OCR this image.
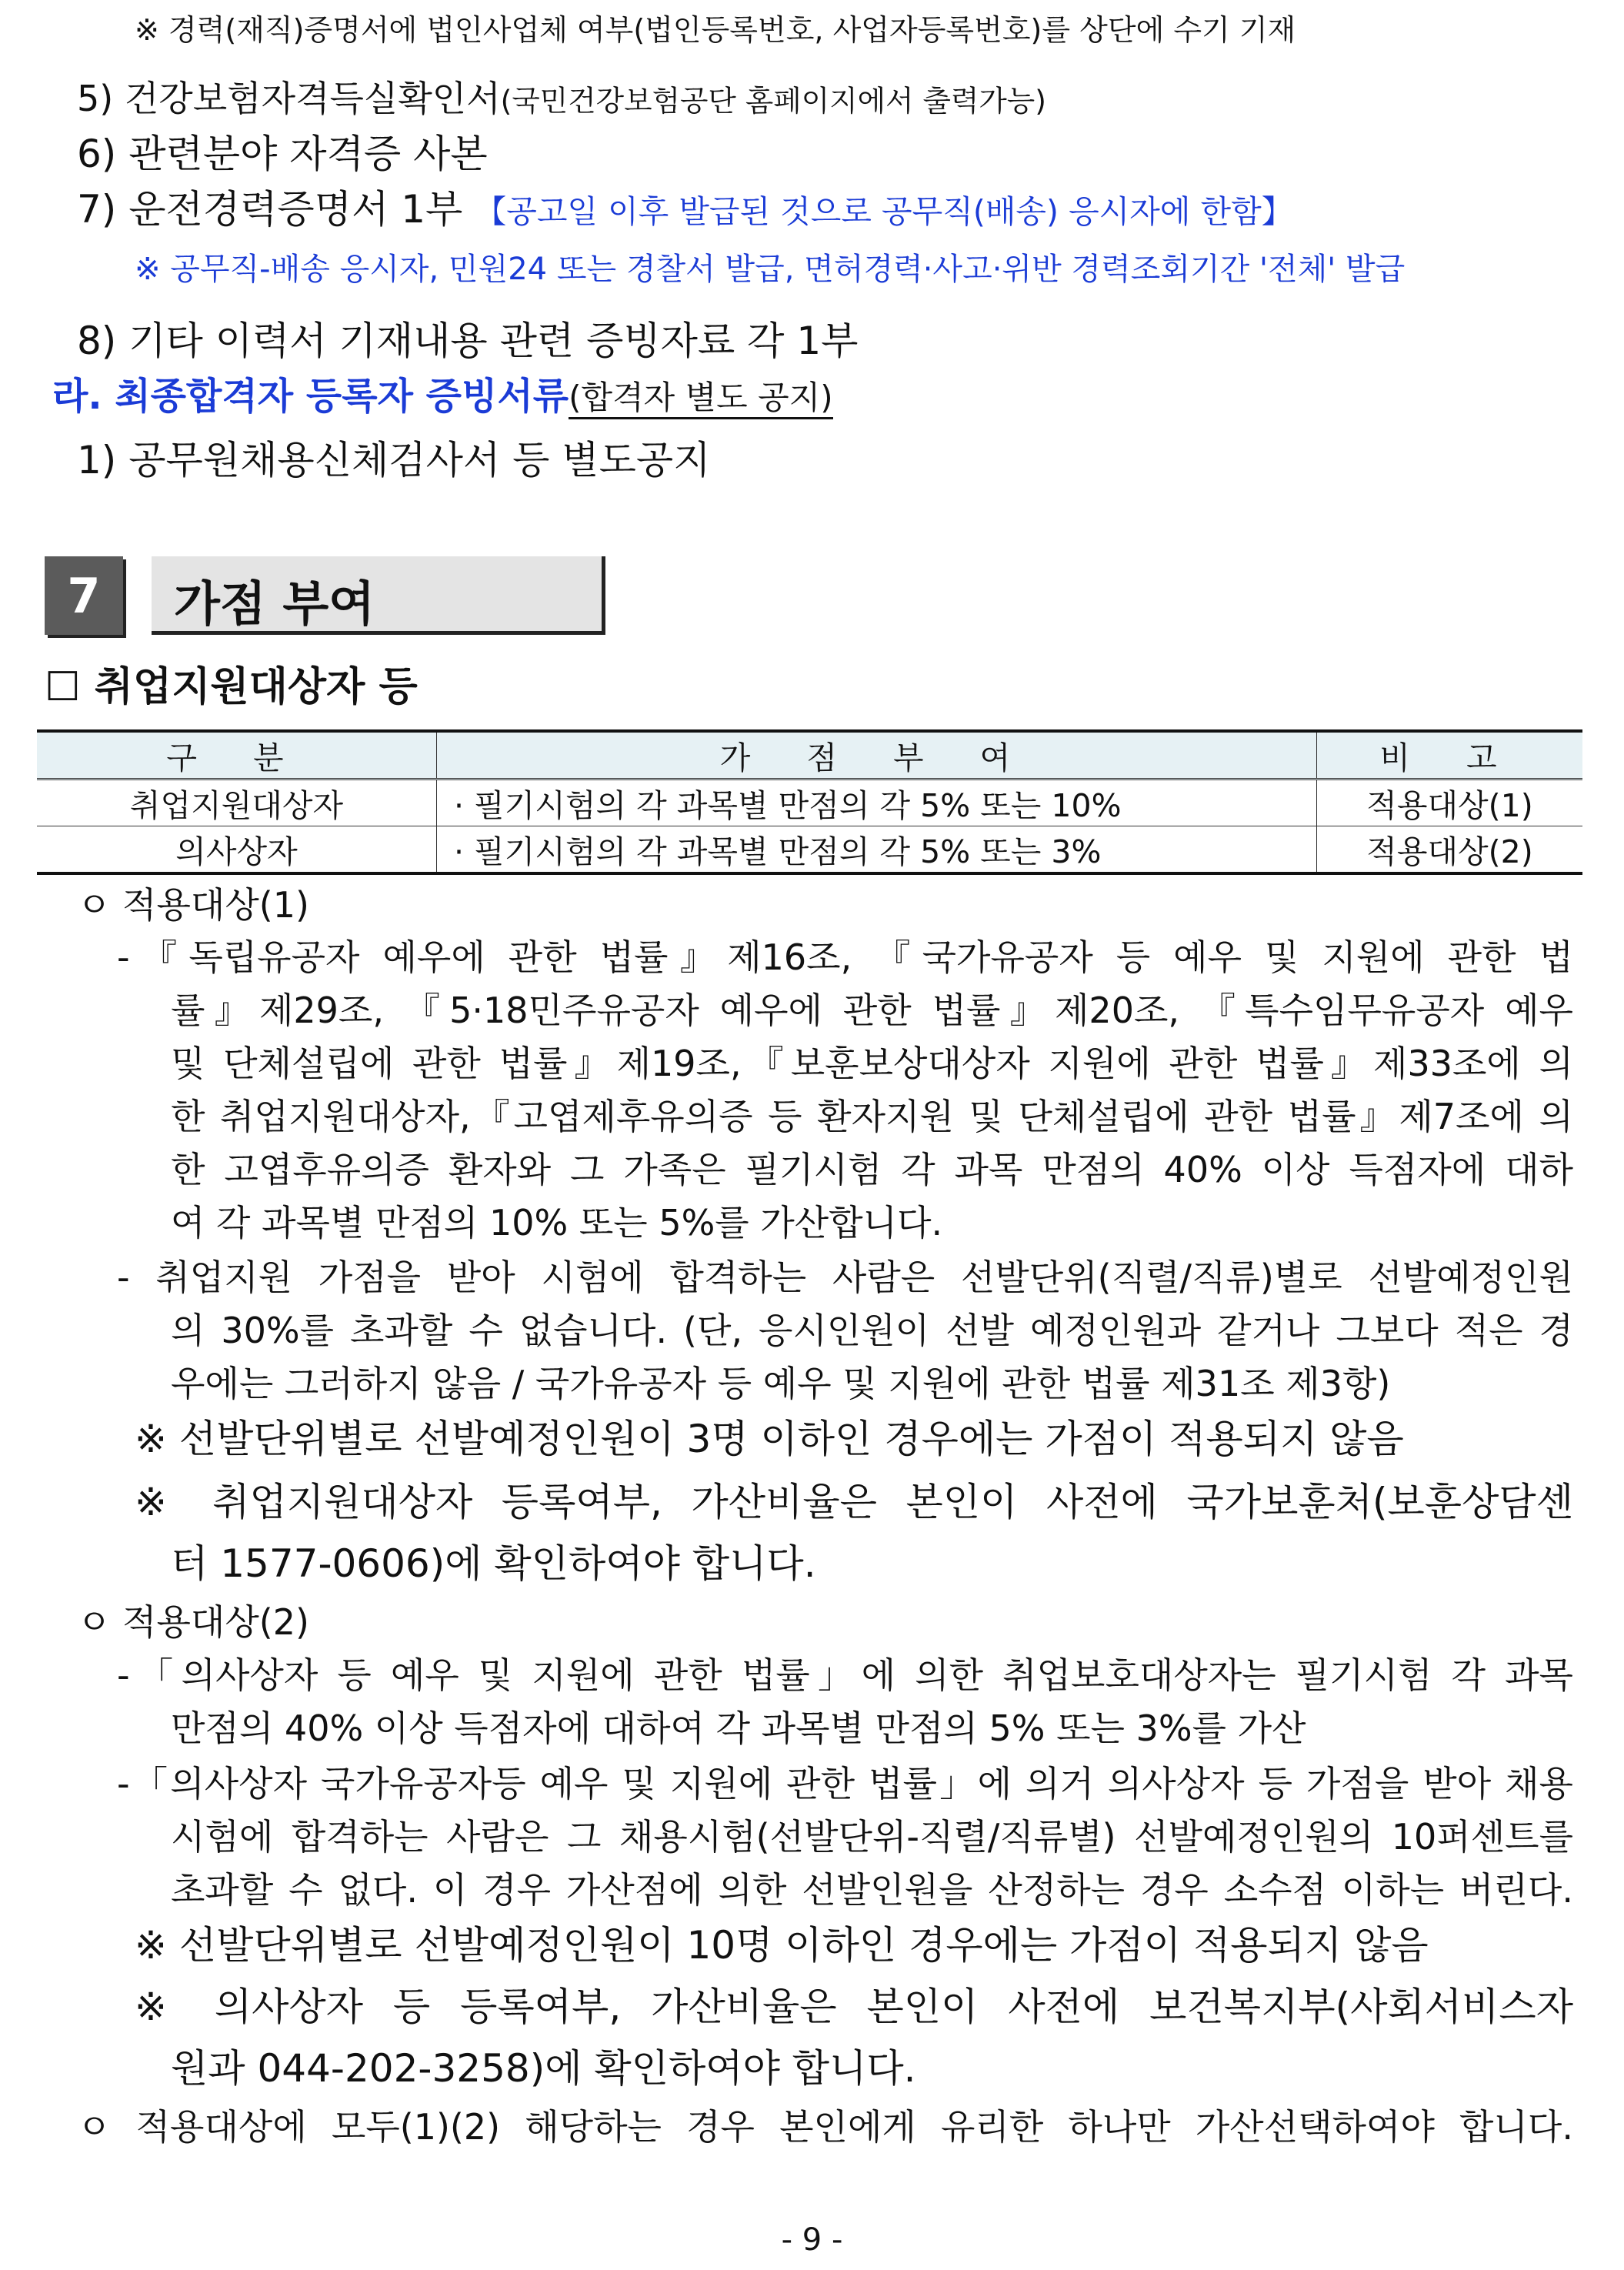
※ 경력(재직)증명서에 법인사업체 여부(법인등록번호, 사업자등록번호)를 상단에 수기 기재
5) 건강보험자격득실확인서(국민건강보험공단 홈페이지에서 출력가능)
6) 관련분야 자격증 사본
7) 운전경력증명서 1부 【공고일 이후 발급된 것으로 공무직(배송) 응시자에 한함】
※ 공무직-배송 응시자, 민원24 또는 경찰서 발급, 면허경력·사고·위반 경력조회기간 '전체' 발급
8) 기타 이력서 기재내용 관련 증빙자료 각 1부
라. 최종합격자 등록자 증빙서류(합격자 별도 공지)
1) 공무원채용신체검사서 등 별도공지
7	가점 부여
☐ 취업지원대상자 등
구 분	가 점 부 여	비 고
취업지원대상자	· 필기시험의 각 과목별 만점의 각 5% 또는 10%	적용대상(1)
의사상자	· 필기시험의 각 과목별 만점의 각 5% 또는 3%	적용대상(2)
ㅇ 적용대상(1)
-『독립유공자 예우에 관한 법률』제16조, 『국가유공자 등 예우 및 지원에 관한 법
률』제29조, 『5·18민주유공자 예우에 관한 법률』제20조, 『특수임무유공자 예우
및 단체설립에 관한 법률』제19조,『보훈보상대상자 지원에 관한 법률』제33조에 의
한 취업지원대상자,『고엽제후유의증 등 환자지원 및 단체설립에 관한 법률』제7조에 의
한 고엽후유의증 환자와 그 가족은 필기시험 각 과목 만점의 40% 이상 득점자에 대하
여 각 과목별 만점의 10% 또는 5%를 가산합니다.
- 취업지원 가점을 받아 시험에 합격하는 사람은 선발단위(직렬/직류)별로 선발예정인원
의 30%를 초과할 수 없습니다. (단, 응시인원이 선발 예정인원과 같거나 그보다 적은 경
우에는 그러하지 않음 / 국가유공자 등 예우 및 지원에 관한 법률 제31조 제3항)
※ 선발단위별로 선발예정인원이 3명 이하인 경우에는 가점이 적용되지 않음
※ 취업지원대상자 등록여부, 가산비율은 본인이 사전에 국가보훈처(보훈상담센
터 1577-0606)에 확인하여야 합니다.
ㅇ 적용대상(2)
-「의사상자 등 예우 및 지원에 관한 법률」에 의한 취업보호대상자는 필기시험 각 과목
만점의 40% 이상 득점자에 대하여 각 과목별 만점의 5% 또는 3%를 가산
-「의사상자 국가유공자등 예우 및 지원에 관한 법률」에 의거 의사상자 등 가점을 받아 채용
시험에 합격하는 사람은 그 채용시험(선발단위-직렬/직류별) 선발예정인원의 10퍼센트를
초과할 수 없다. 이 경우 가산점에 의한 선발인원을 산정하는 경우 소수점 이하는 버린다.
※ 선발단위별로 선발예정인원이 10명 이하인 경우에는 가점이 적용되지 않음
※ 의사상자 등 등록여부, 가산비율은 본인이 사전에 보건복지부(사회서비스자
원과 044-202-3258)에 확인하여야 합니다.
ㅇ 적용대상에 모두(1)(2) 해당하는 경우 본인에게 유리한 하나만 가산선택하여야 합니다.
- 9 -
